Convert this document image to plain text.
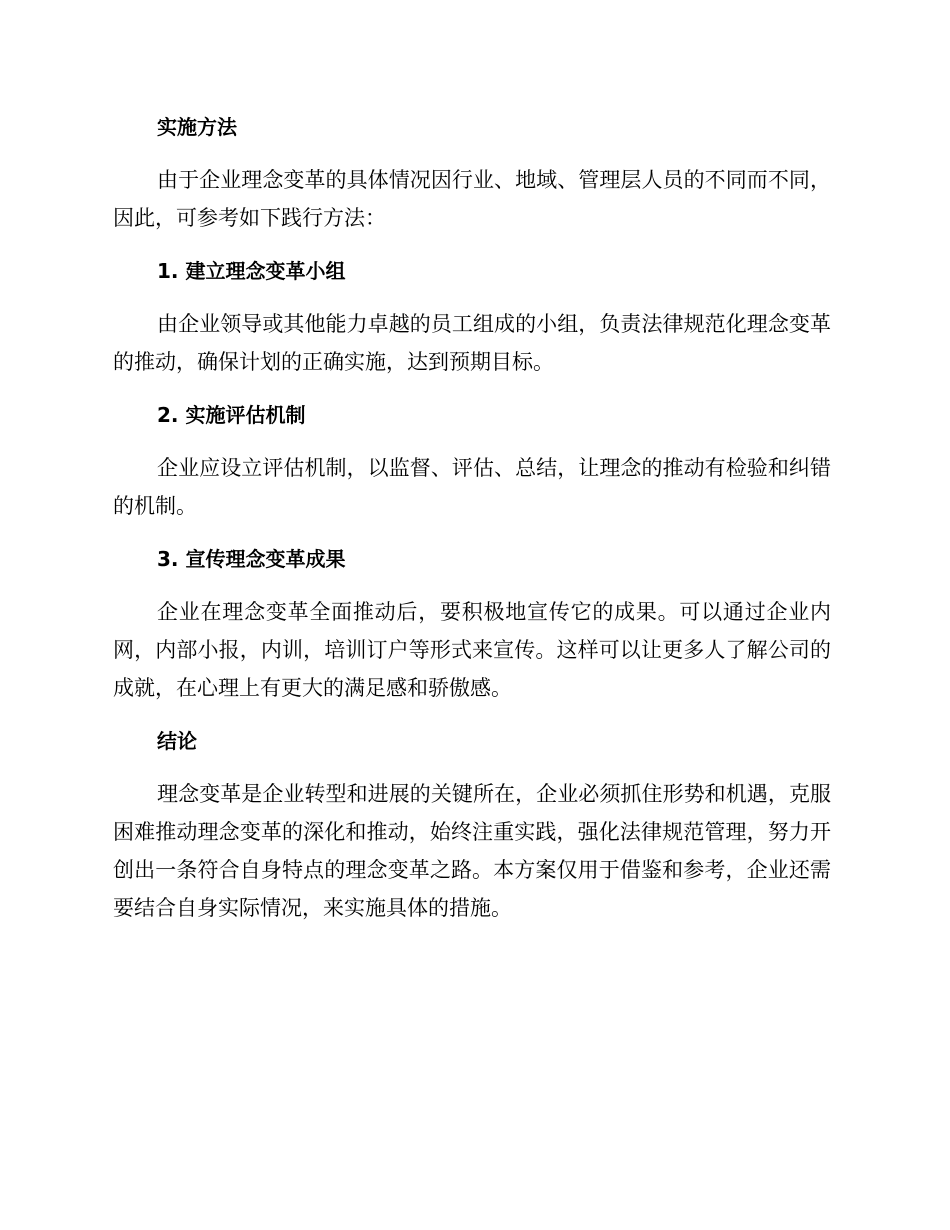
实施方法

由于企业理念变革的具体情况因行业、地域、管理层人员的不同而不同，因此，可参考如下践行方法：

1. 建立理念变革小组

由企业领导或其他能力卓越的员工组成的小组，负责法律规范化理念变革的推动，确保计划的正确实施，达到预期目标。

2. 实施评估机制

企业应设立评估机制，以监督、评估、总结，让理念的推动有检验和纠错的机制。

3. 宣传理念变革成果

企业在理念变革全面推动后，要积极地宣传它的成果。可以通过企业内网，内部小报，内训，培训订户等形式来宣传。这样可以让更多人了解公司的成就，在心理上有更大的满足感和骄傲感。

结论

理念变革是企业转型和进展的关键所在，企业必须抓住形势和机遇，克服困难推动理念变革的深化和推动，始终注重实践，强化法律规范管理，努力开创出一条符合自身特点的理念变革之路。本方案仅用于借鉴和参考，企业还需要结合自身实际情况，来实施具体的措施。
